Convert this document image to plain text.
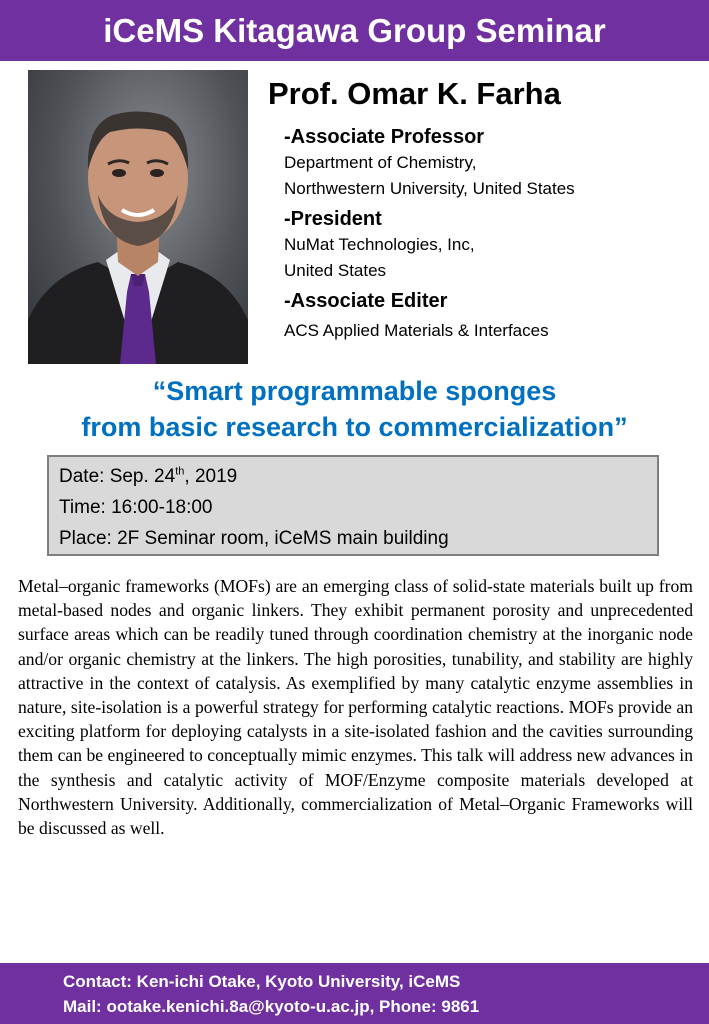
iCeMS Kitagawa Group Seminar
Prof. Omar K. Farha
-Associate Professor
Department of Chemistry,
Northwestern University, United States
-President
NuMat Technologies, Inc,
United States
-Associate Editer
ACS Applied Materials & Interfaces
“Smart programmable sponges
from basic research to commercialization”
Date: Sep. 24th, 2019
Time: 16:00-18:00
Place: 2F Seminar room, iCeMS main building
Metal–organic frameworks (MOFs) are an emerging class of solid-state materials built up from metal-based nodes and organic linkers. They exhibit permanent porosity and unprecedented surface areas which can be readily tuned through coordination chemistry at the inorganic node and/or organic chemistry at the linkers. The high porosities, tunability, and stability are highly attractive in the context of catalysis. As exemplified by many catalytic enzyme assemblies in nature, site-isolation is a powerful strategy for performing catalytic reactions. MOFs provide an exciting platform for deploying catalysts in a site-isolated fashion and the cavities surrounding them can be engineered to conceptually mimic enzymes. This talk will address new advances in the synthesis and catalytic activity of MOF/Enzyme composite materials developed at Northwestern University. Additionally, commercialization of Metal–Organic Frameworks will be discussed as well.
Contact: Ken-ichi Otake, Kyoto University, iCeMS
Mail: ootake.kenichi.8a@kyoto-u.ac.jp, Phone: 9861
